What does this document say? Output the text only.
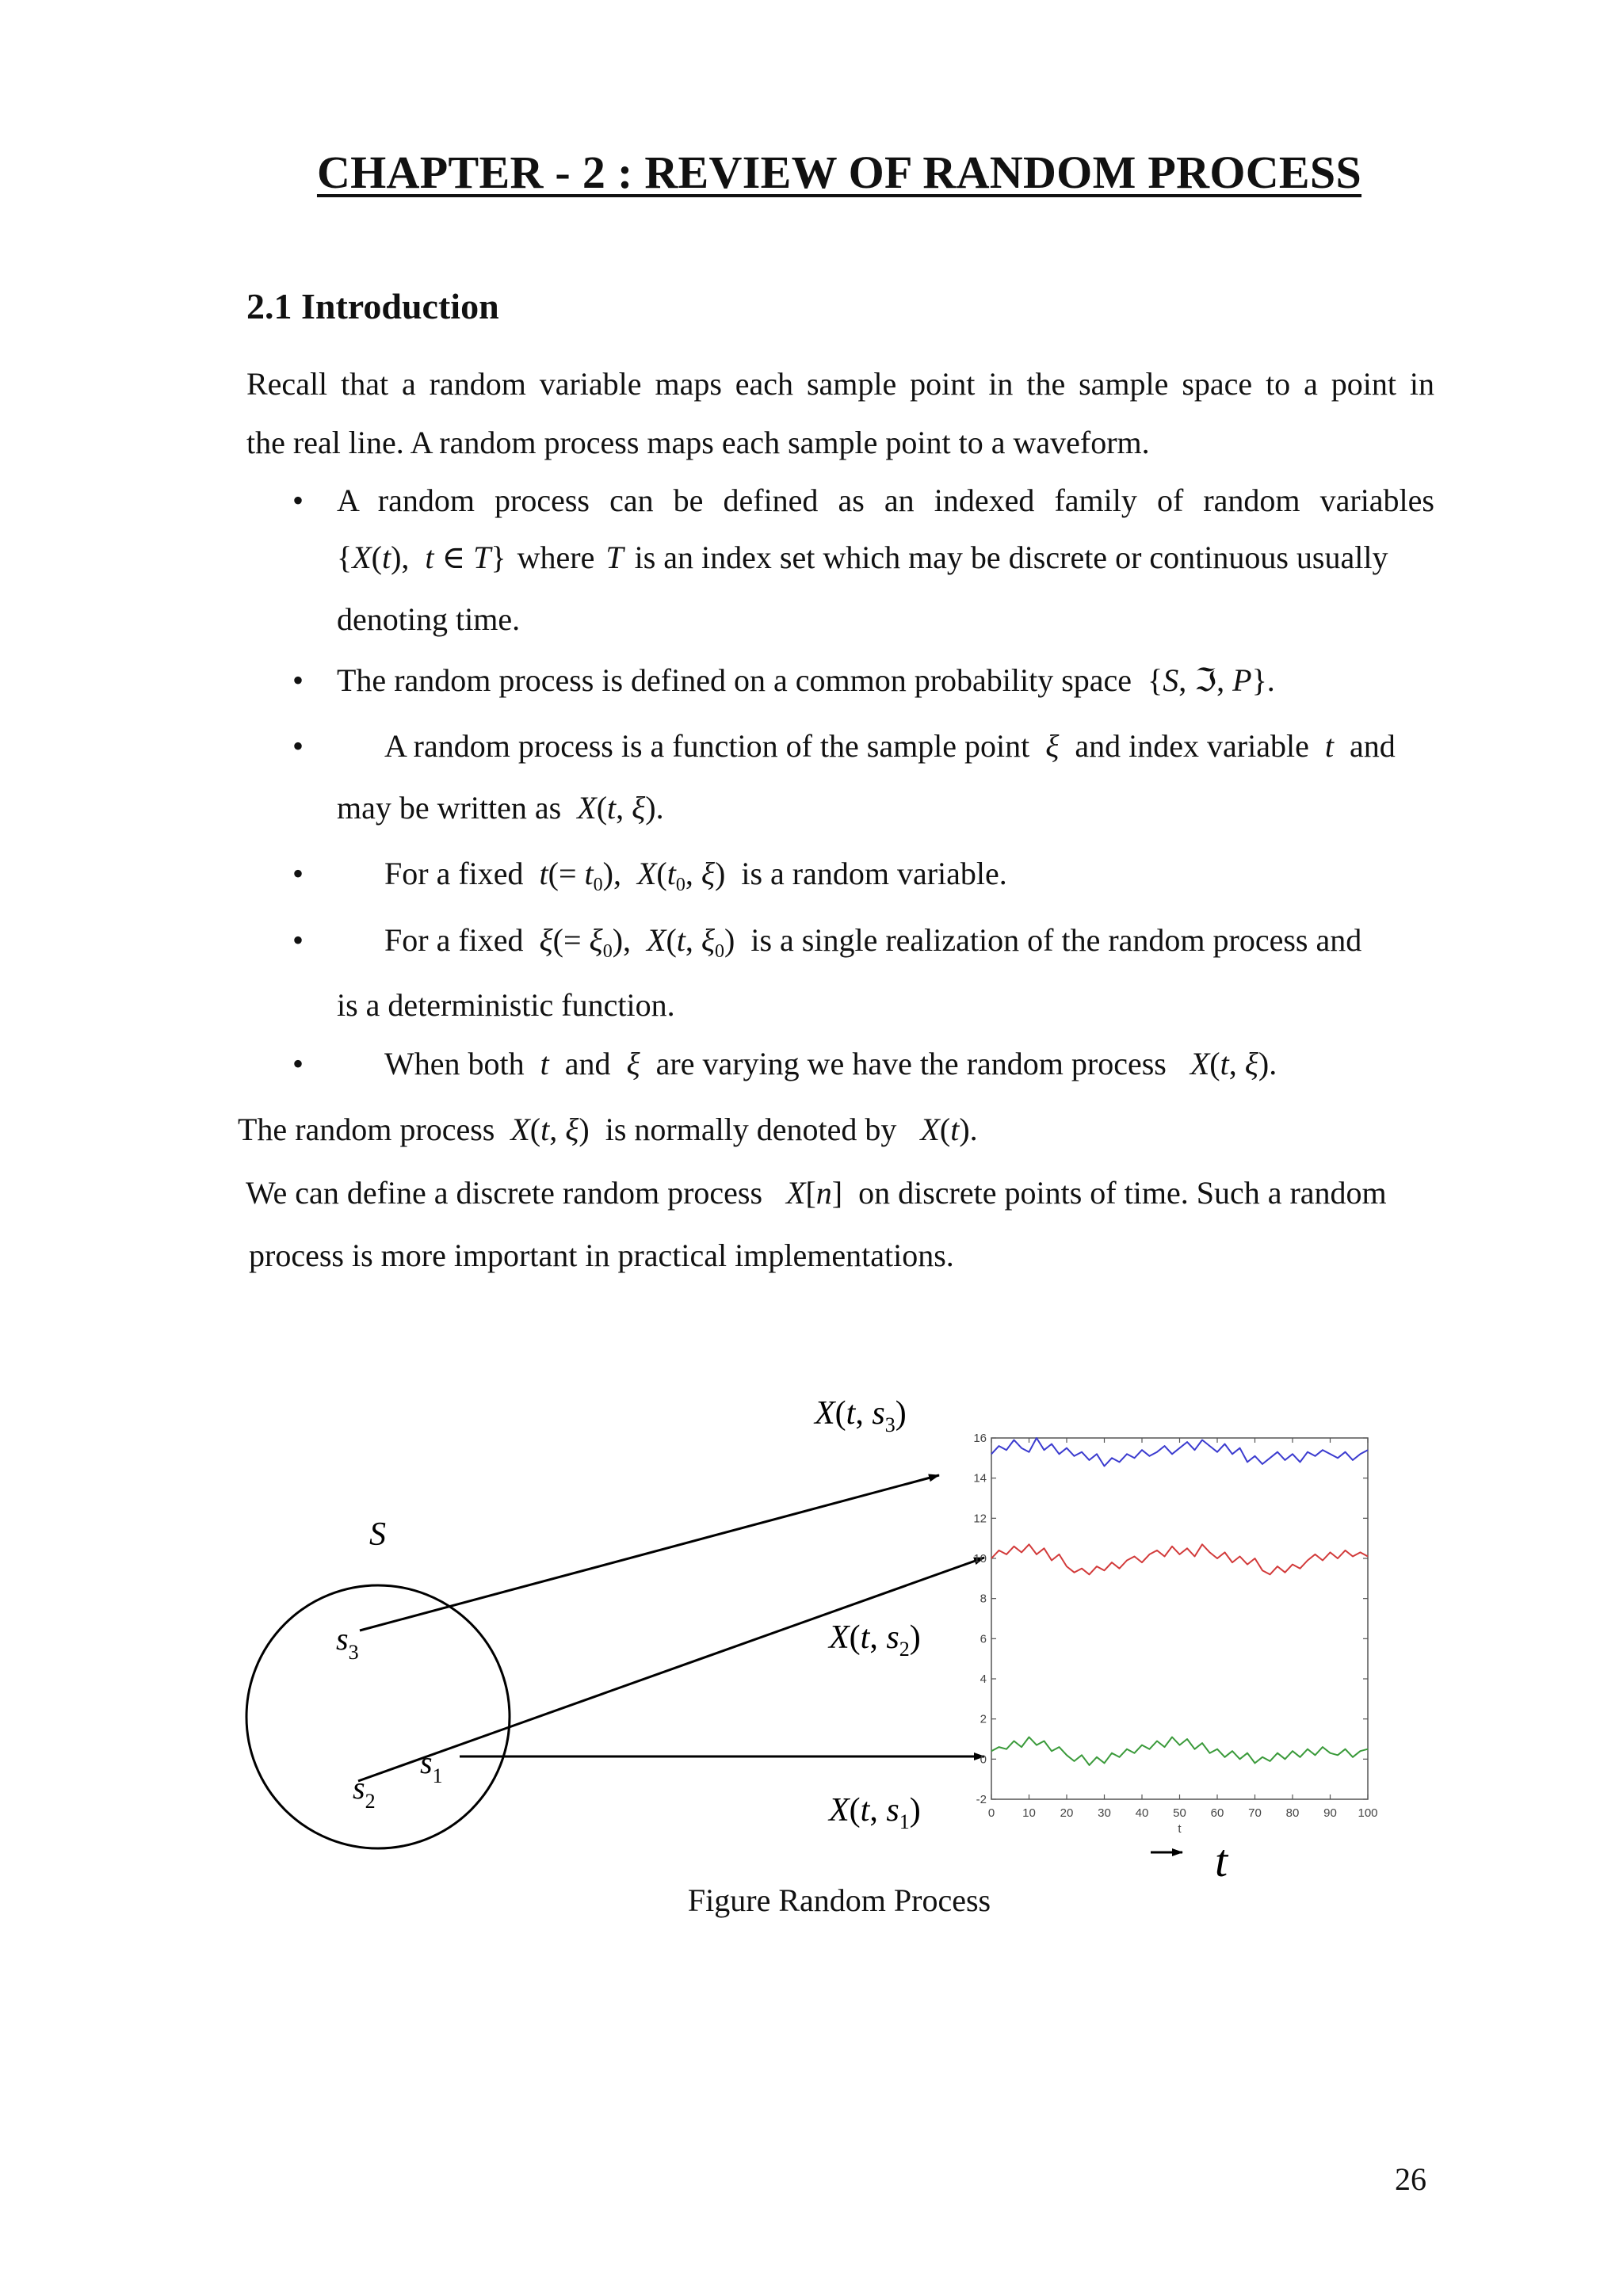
CHAPTER - 2 : REVIEW OF RANDOM PROCESS
2.1 Introduction
Recall that a random variable maps each sample point in the sample space to a point in
the real line. A random process maps each sample point to a waveform.
• A random process can be defined as an indexed family of random variables
{X(t),  t ∈ T} where T is an index set which may be discrete or continuous usually
denoting time.
• The random process is defined on a common probability space  {S, ℑ, P}.
•	A random process is a function of the sample point  ξ  and index variable  t  and
may be written as X(t, ξ).
•	For a fixed $t(= t_0)$,  $X(t_0$, ξ)  is a random variable.
•	For a fixed $\xi(= \xi_0)$,  X(t, $\xi_0$)  is a single realization of the random process and
is a deterministic function.
•	When both  t  and  ξ  are varying we have the random process X(t, ξ).
The random process X(t, ξ)  is normally denoted by X(t).
We can define a discrete random process X[n]  on discrete points of time. Such a random
process is more important in practical implementations.
S
$s_3$
$s_2$
$s_1$
X(t, $s_3$)
X(t, $s_2$)
X(t, $s_1$)	0 10 20 30 40 50 60 70 80 90 100
-2
0
2
4
6
8
10
12
14
16
t
t
Figure Random Process
26
